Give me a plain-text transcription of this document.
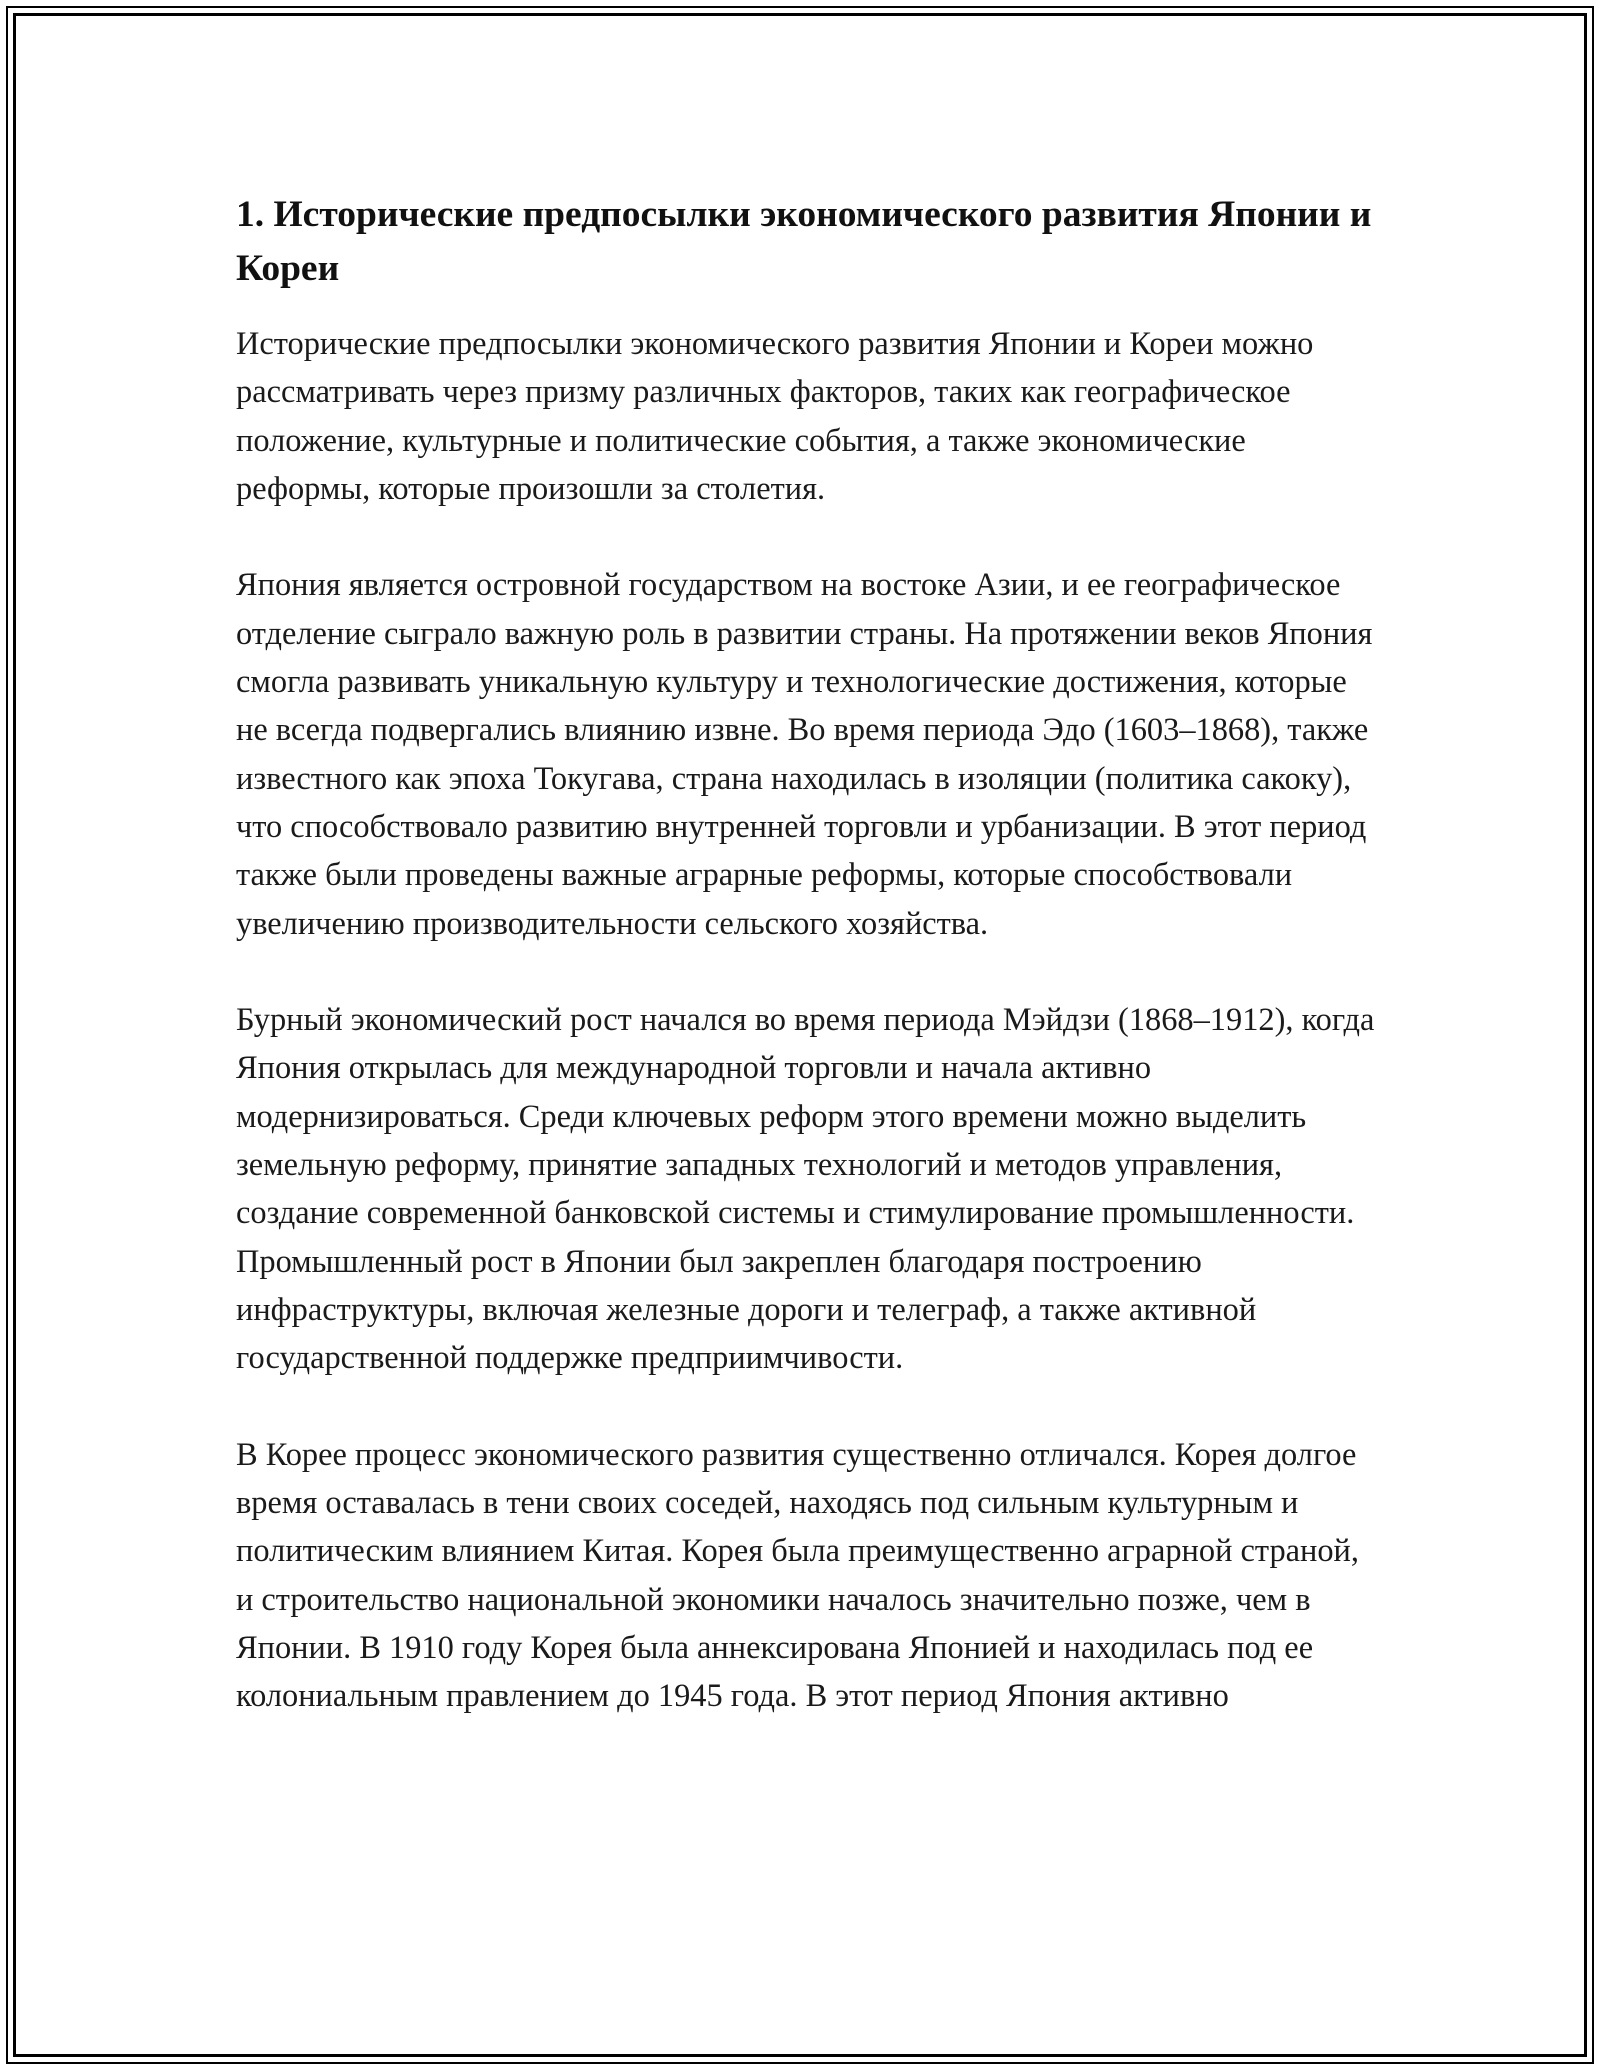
1. Исторические предпосылки экономического развития Японии и Кореи

Исторические предпосылки экономического развития Японии и Кореи можно рассматривать через призму различных факторов, таких как географическое положение, культурные и политические события, а также экономические реформы, которые произошли за столетия.

Япония является островной государством на востоке Азии, и ее географическое отделение сыграло важную роль в развитии страны. На протяжении веков Япония смогла развивать уникальную культуру и технологические достижения, которые не всегда подвергались влиянию извне. Во время периода Эдо (1603–1868), также известного как эпоха Токугава, страна находилась в изоляции (политика сакоку), что способствовало развитию внутренней торговли и урбанизации. В этот период также были проведены важные аграрные реформы, которые способствовали увеличению производительности сельского хозяйства.

Бурный экономический рост начался во время периода Мэйдзи (1868–1912), когда Япония открылась для международной торговли и начала активно модернизироваться. Среди ключевых реформ этого времени можно выделить земельную реформу, принятие западных технологий и методов управления, создание современной банковской системы и стимулирование промышленности. Промышленный рост в Японии был закреплен благодаря построению инфраструктуры, включая железные дороги и телеграф, а также активной государственной поддержке предприимчивости.

В Корее процесс экономического развития существенно отличался. Корея долгое время оставалась в тени своих соседей, находясь под сильным культурным и политическим влиянием Китая. Корея была преимущественно аграрной страной, и строительство национальной экономики началось значительно позже, чем в Японии. В 1910 году Корея была аннексирована Японией и находилась под ее колониальным правлением до 1945 года. В этот период Япония активно
